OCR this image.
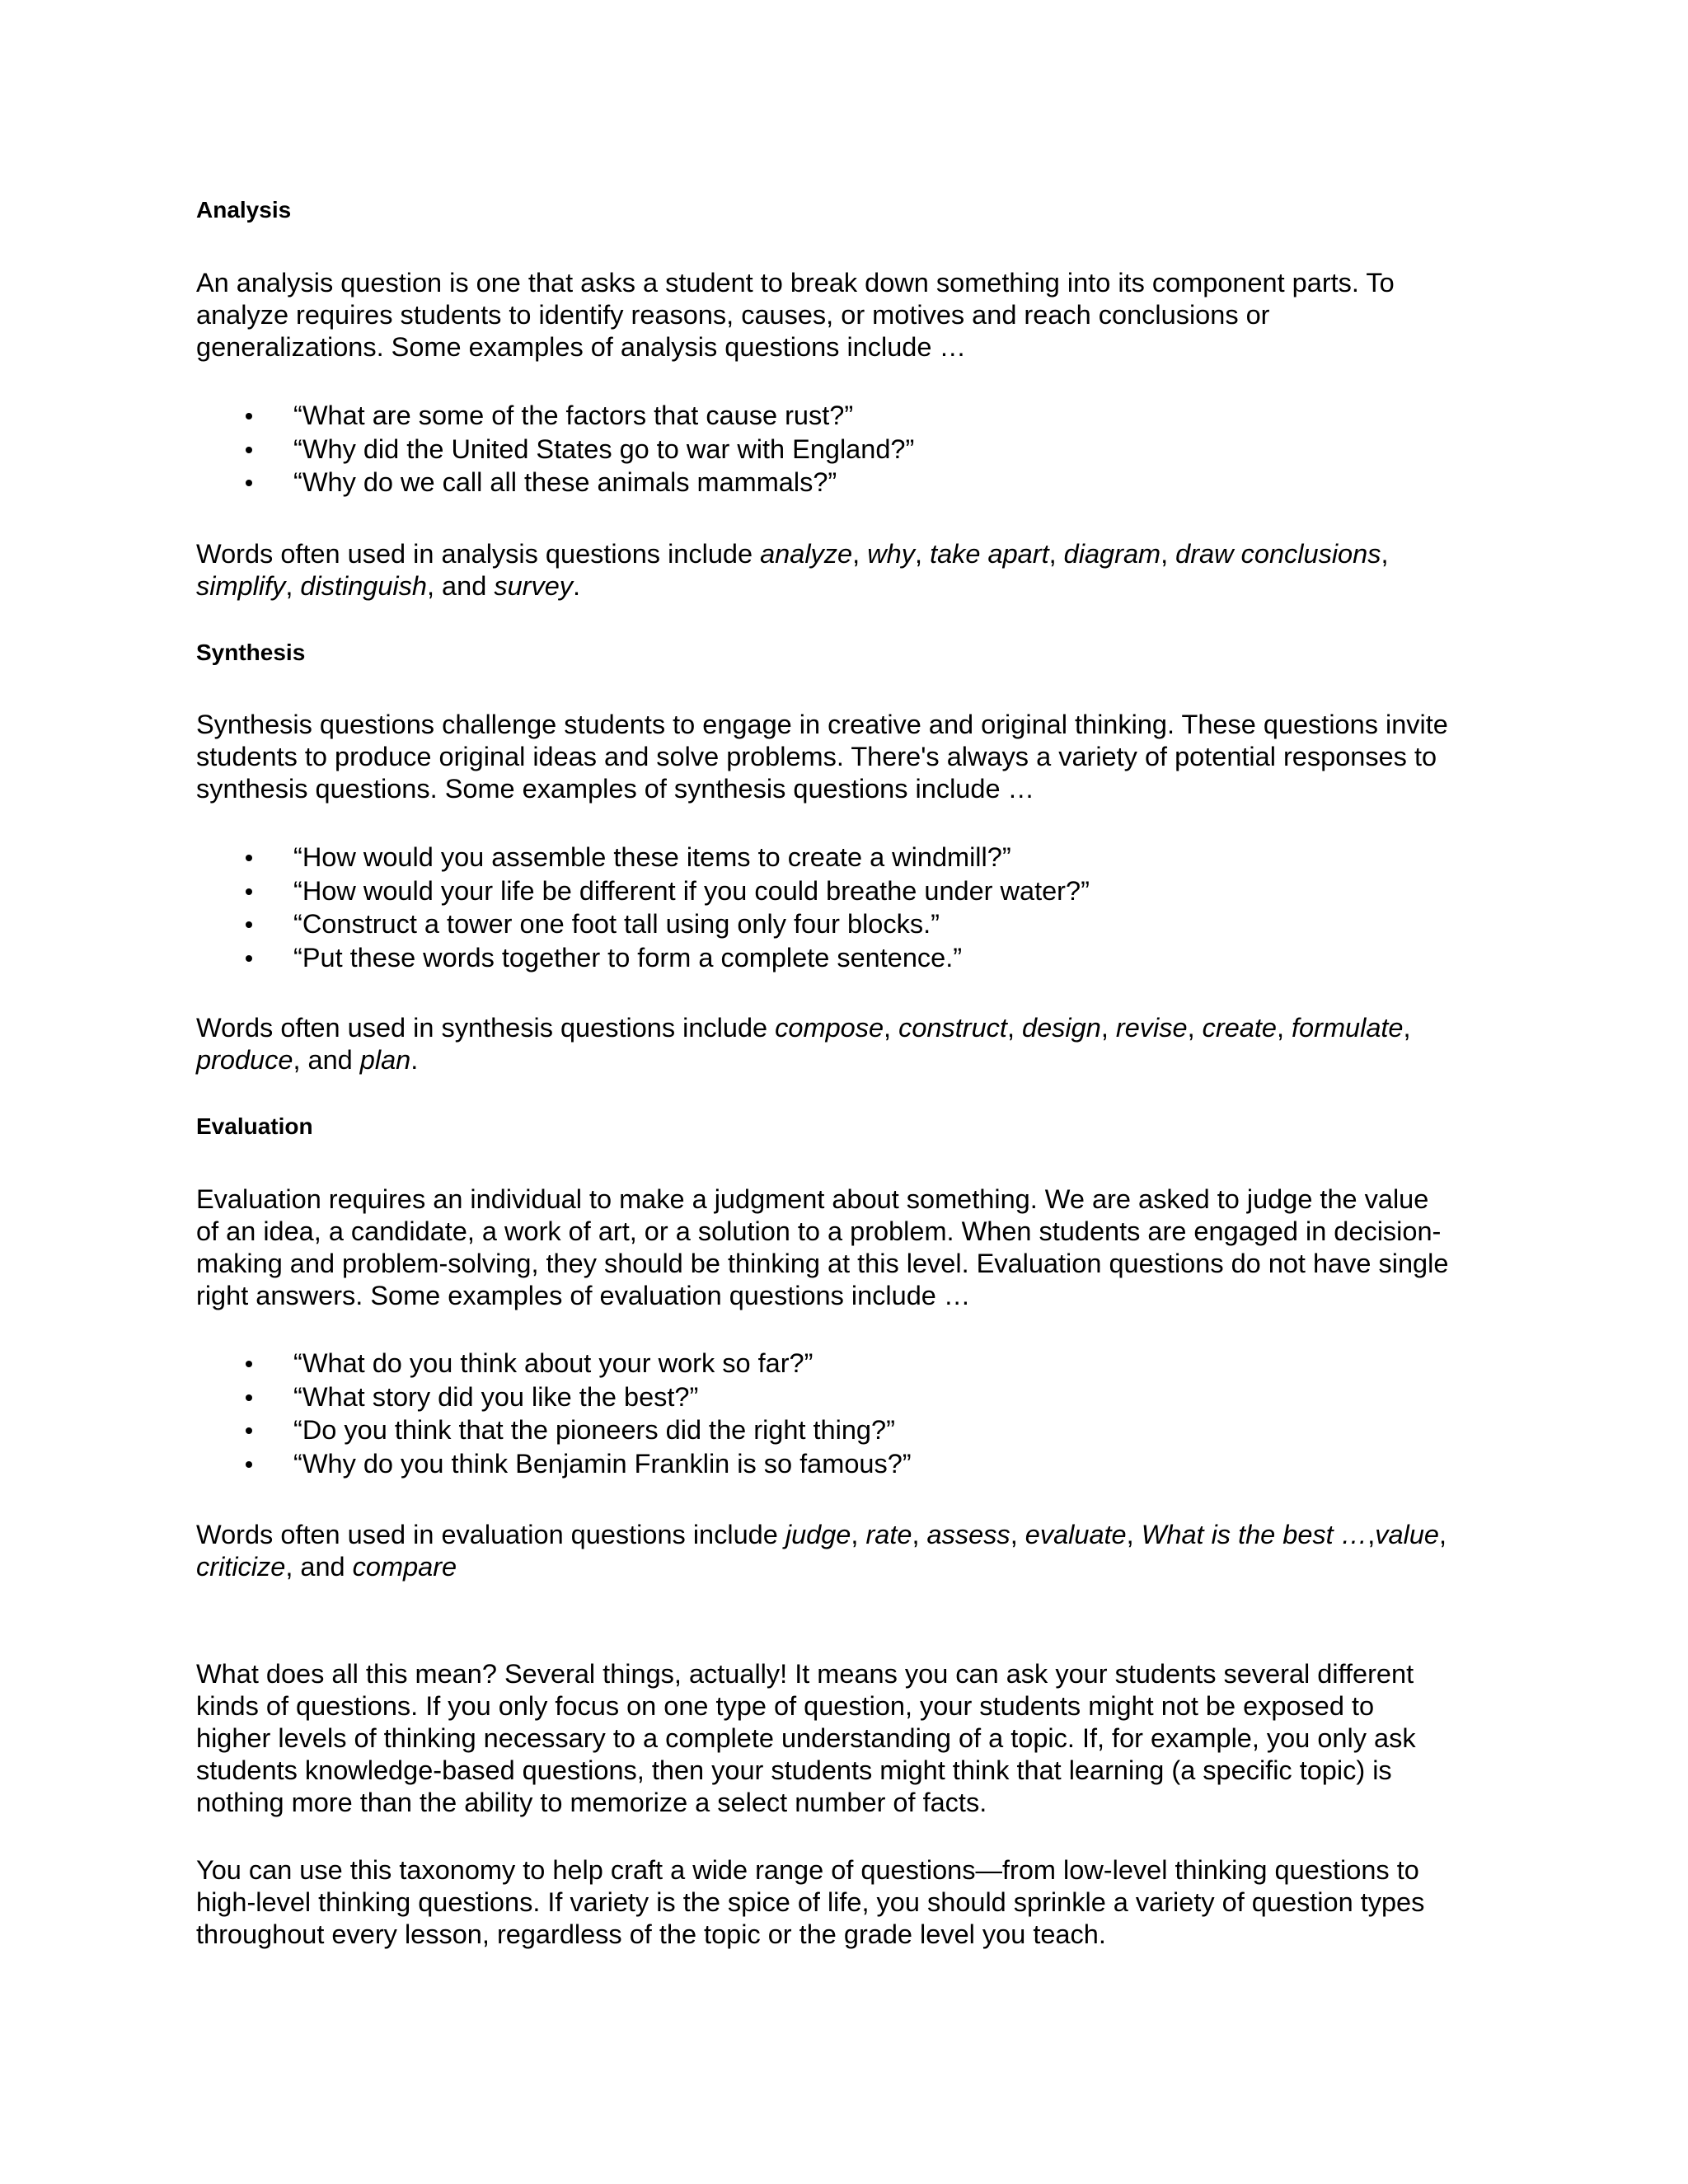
Analysis

An analysis question is one that asks a student to break down something into its component parts. To
analyze requires students to identify reasons, causes, or motives and reach conclusions or
generalizations. Some examples of analysis questions include …

“What are some of the factors that cause rust?”
“Why did the United States go to war with England?”
“Why do we call all these animals mammals?”

Words often used in analysis questions include analyze, why, take apart, diagram, draw conclusions,
simplify, distinguish, and survey.

Synthesis

Synthesis questions challenge students to engage in creative and original thinking. These questions invite
students to produce original ideas and solve problems. There's always a variety of potential responses to
synthesis questions. Some examples of synthesis questions include …

“How would you assemble these items to create a windmill?”
“How would your life be different if you could breathe under water?”
“Construct a tower one foot tall using only four blocks.”
“Put these words together to form a complete sentence.”

Words often used in synthesis questions include compose, construct, design, revise, create, formulate,
produce, and plan.

Evaluation

Evaluation requires an individual to make a judgment about something. We are asked to judge the value
of an idea, a candidate, a work of art, or a solution to a problem. When students are engaged in decision-
making and problem-solving, they should be thinking at this level. Evaluation questions do not have single
right answers. Some examples of evaluation questions include …

“What do you think about your work so far?”
“What story did you like the best?”
“Do you think that the pioneers did the right thing?”
“Why do you think Benjamin Franklin is so famous?”

Words often used in evaluation questions include judge, rate, assess, evaluate, What is the best …,value,
criticize, and compare

What does all this mean? Several things, actually! It means you can ask your students several different
kinds of questions. If you only focus on one type of question, your students might not be exposed to
higher levels of thinking necessary to a complete understanding of a topic. If, for example, you only ask
students knowledge-based questions, then your students might think that learning (a specific topic) is
nothing more than the ability to memorize a select number of facts.

You can use this taxonomy to help craft a wide range of questions—from low-level thinking questions to
high-level thinking questions. If variety is the spice of life, you should sprinkle a variety of question types
throughout every lesson, regardless of the topic or the grade level you teach.
